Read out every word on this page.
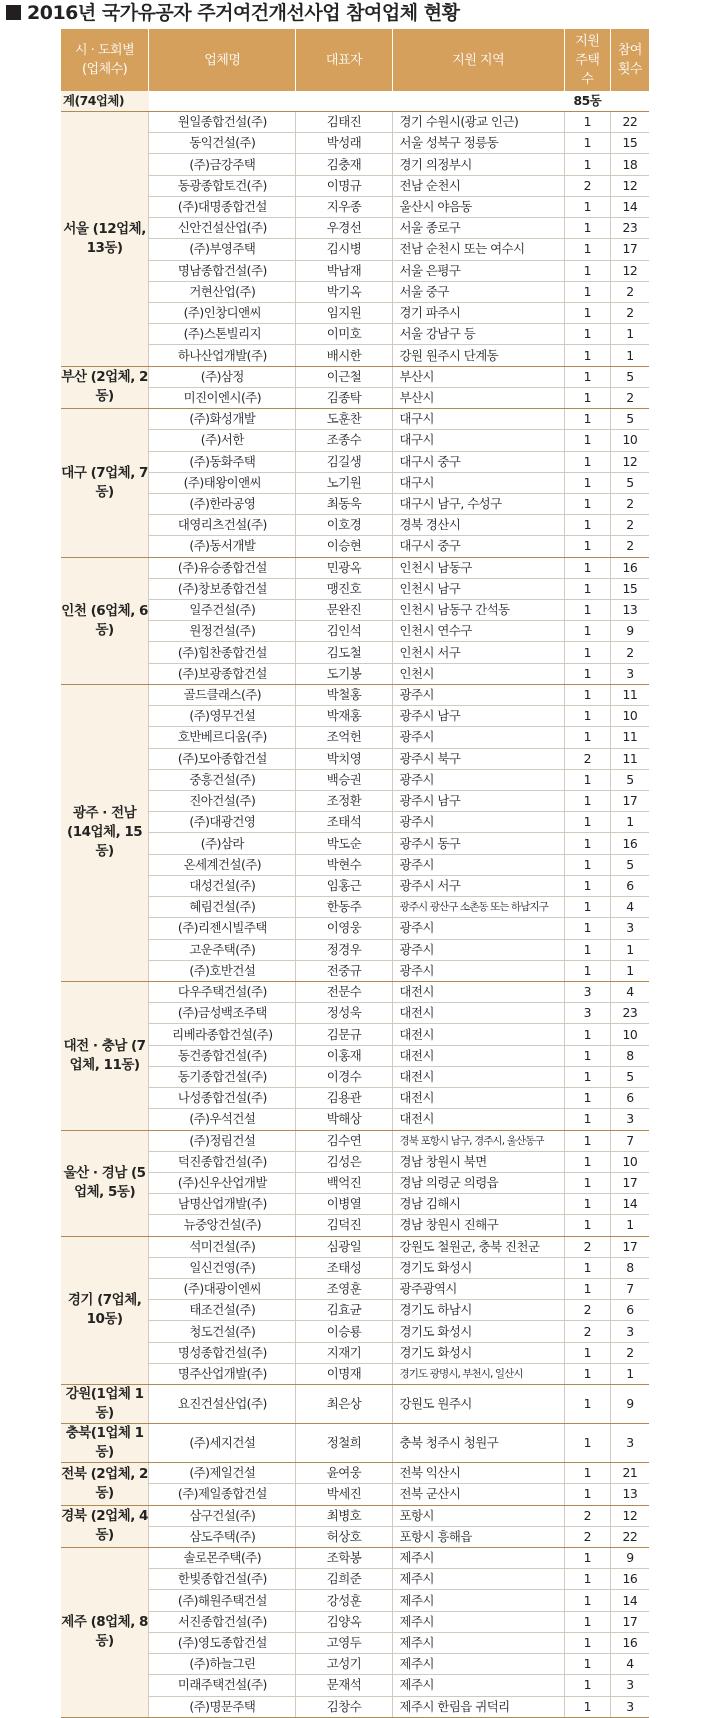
2016년 국가유공자 주거여건개선사업 참여업체 현황
시 · 도회별 (업체수)	업체명	대표자	지원 지역	지원 주택수	참여 횟수
계(74업체)				85동	
서울 (12업체, 13동)	원일종합건설(주)	김태진	경기 수원시(광교 인근)	1	22
	동익건설(주)	박성래	서울 성북구 정릉동	1	15
	(주)금강주택	김충재	경기 의정부시	1	18
	동광종합토건(주)	이명규	전남 순천시	2	12
	(주)대명종합건설	지우종	울산시 야음동	1	14
	신안건설산업(주)	우경선	서울 종로구	1	23
	(주)부영주택	김시병	전남 순천시 또는 여수시	1	17
	명남종합건설(주)	박남재	서울 은평구	1	12
	거현산업(주)	박기옥	서울 중구	1	2
	(주)인창디앤씨	임지원	경기 파주시	1	2
	(주)스톤빌리지	이미호	서울 강남구 등	1	1
	하나산업개발(주)	배시한	강원 원주시 단계동	1	1
부산 (2업체, 2동)	(주)삼정	이근철	부산시	1	5
	미진이엔시(주)	김종탁	부산시	1	2
대구 (7업체, 7동)	(주)화성개발	도훈찬	대구시	1	5
	(주)서한	조종수	대구시	1	10
	(주)동화주택	김길생	대구시 중구	1	12
	(주)태왕이앤씨	노기원	대구시	1	5
	(주)한라공영	최동욱	대구시 남구, 수성구	1	2
	대영리츠건설(주)	이호경	경북 경산시	1	2
	(주)동서개발	이승현	대구시 중구	1	2
인천 (6업체, 6동)	(주)유승종합건설	민광옥	인천시 남동구	1	16
	(주)창보종합건설	맹진호	인천시 남구	1	15
	일주건설(주)	문완진	인천시 남동구 간석동	1	13
	원정건설(주)	김인석	인천시 연수구	1	9
	(주)힘찬종합건설	김도철	인천시 서구	1	2
	(주)보광종합건설	도기봉	인천시	1	3
광주 · 전남 (14업체, 15동)	골드클래스(주)	박철홍	광주시	1	11
	(주)영무건설	박재홍	광주시 남구	1	10
	호반베르디움(주)	조억헌	광주시	1	11
	(주)모아종합건설	박치영	광주시 북구	2	11
	중흥건설(주)	백승권	광주시	1	5
	진아건설(주)	조정환	광주시 남구	1	17
	(주)대광건영	조태석	광주시	1	1
	(주)삼라	박도순	광주시 동구	1	16
	온세계건설(주)	박현수	광주시	1	5
	대성건설(주)	임홍근	광주시 서구	1	6
	혜림건설(주)	한동주	광주시 광산구 소촌동 또는 하남지구	1	4
	(주)리젠시빌주택	이영웅	광주시	1	3
	고운주택(주)	정경우	광주시	1	1
	(주)호반건설	전중규	광주시	1	1
대전 · 충남 (7업체, 11동)	다우주택건설(주)	전문수	대전시	3	4
	(주)금성백조주택	정성욱	대전시	3	23
	리베라종합건설(주)	김문규	대전시	1	10
	동건종합건설(주)	이홍재	대전시	1	8
	동기종합건설(주)	이경수	대전시	1	5
	나성종합건설(주)	김용관	대전시	1	6
	(주)우석건설	박해상	대전시	1	3
울산 · 경남 (5업체, 5동)	(주)정림건설	김수연	경북 포항시 남구, 경주시, 울산동구	1	7
	덕진종합건설(주)	김성은	경남 창원시 북면	1	10
	(주)신우산업개발	백억진	경남 의령군 의령읍	1	17
	남명산업개발(주)	이병열	경남 김해시	1	14
	뉴중앙건설(주)	김덕진	경남 창원시 진해구	1	1
경기 (7업체, 10동)	석미건설(주)	심광일	강원도 철원군, 충북 진천군	2	17
	일신건영(주)	조태성	경기도 화성시	1	8
	(주)대광이엔씨	조영훈	광주광역시	1	7
	태조건설(주)	김효균	경기도 하남시	2	6
	청도건설(주)	이승룡	경기도 화성시	2	3
	명성종합건설(주)	지재기	경기도 화성시	1	2
	명주산업개발(주)	이명재	경기도 광명시, 부천시, 일산시	1	1
강원(1업체 1동)	요진건설산업(주)	최은상	강원도 원주시	1	9
충북(1업체 1동)	(주)세지건설	정철희	충북 청주시 청원구	1	3
전북 (2업체, 2동)	(주)제일건설	윤여웅	전북 익산시	1	21
	(주)제일종합건설	박세진	전북 군산시	1	13
경북 (2업체, 4동)	삼구건설(주)	최병호	포항시	2	12
	삼도주택(주)	허상호	포항시 흥해읍	2	22
제주 (8업체, 8동)	솔로몬주택(주)	조학봉	제주시	1	9
	한빛종합건설(주)	김희준	제주시	1	16
	(주)해원주택건설	강성훈	제주시	1	14
	서진종합건설(주)	김양옥	제주시	1	17
	(주)영도종합건설	고영두	제주시	1	16
	(주)하늘그린	고성기	제주시	1	4
	미래주택건설(주)	문재석	제주시	1	3
	(주)명문주택	김창수	제주시 한림읍 귀덕리	1	3
